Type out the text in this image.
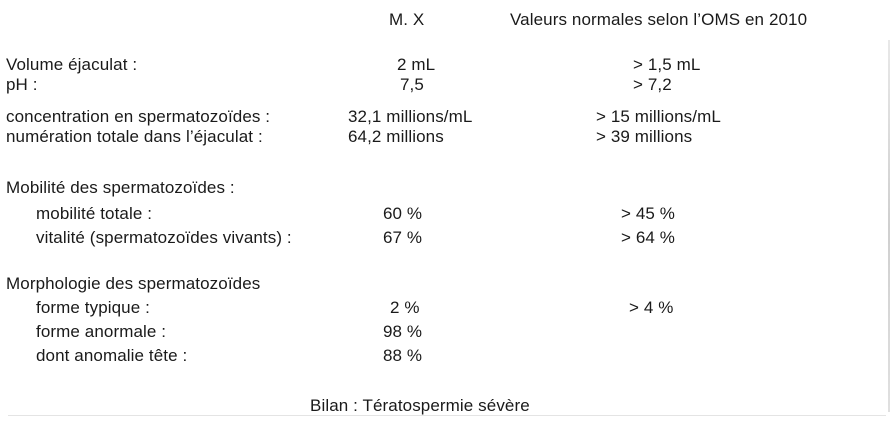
M. X	Valeurs normales selon l’OMS en 2010
Volume éjaculat :	2 mL	> 1,5 mL
pH :	7,5	> 7,2
concentration en spermatozoïdes :	32,1 millions/mL	> 15 millions/mL
numération totale dans l’éjaculat :	64,2 millions	> 39 millions
Mobilité des spermatozoïdes :
mobilité totale :	60 %	> 45 %
vitalité (spermatozoïdes vivants) :	67 %	> 64 %
Morphologie des spermatozoïdes
forme typique :	2 %	> 4 %
forme anormale :	98 %
dont anomalie tête :	88 %
Bilan : Tératospermie sévère
